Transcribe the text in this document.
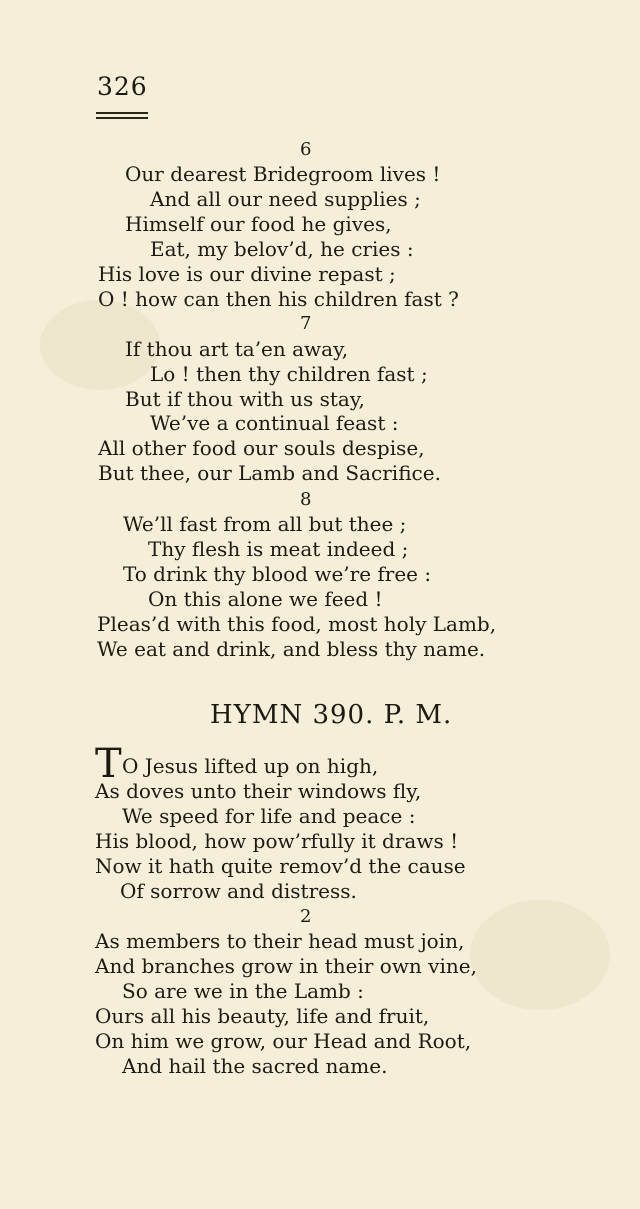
326
6
Our dearest Bridegroom lives !
And all our need supplies ;
Himself our food he gives,
Eat, my belov’d, he cries :
His love is our divine repast ;
O ! how can then his children fast ?
7
If thou art ta’en away,
Lo ! then thy children fast ;
But if thou with us stay,
We’ve a continual feast :
All other food our souls despise,
But thee, our Lamb and Sacrifice.
8
We’ll fast from all but thee ;
Thy flesh is meat indeed ;
To drink thy blood we’re free :
On this alone we feed !
Pleas’d with this food, most holy Lamb,
We eat and drink, and bless thy name.
HYMN 390. P. M.
T O Jesus lifted up on high,
As doves unto their windows fly,
We speed for life and peace :
His blood, how pow’rfully it draws !
Now it hath quite remov’d the cause
Of sorrow and distress.
2
As members to their head must join,
And branches grow in their own vine,
So are we in the Lamb :
Ours all his beauty, life and fruit,
On him we grow, our Head and Root,
And hail the sacred name.
